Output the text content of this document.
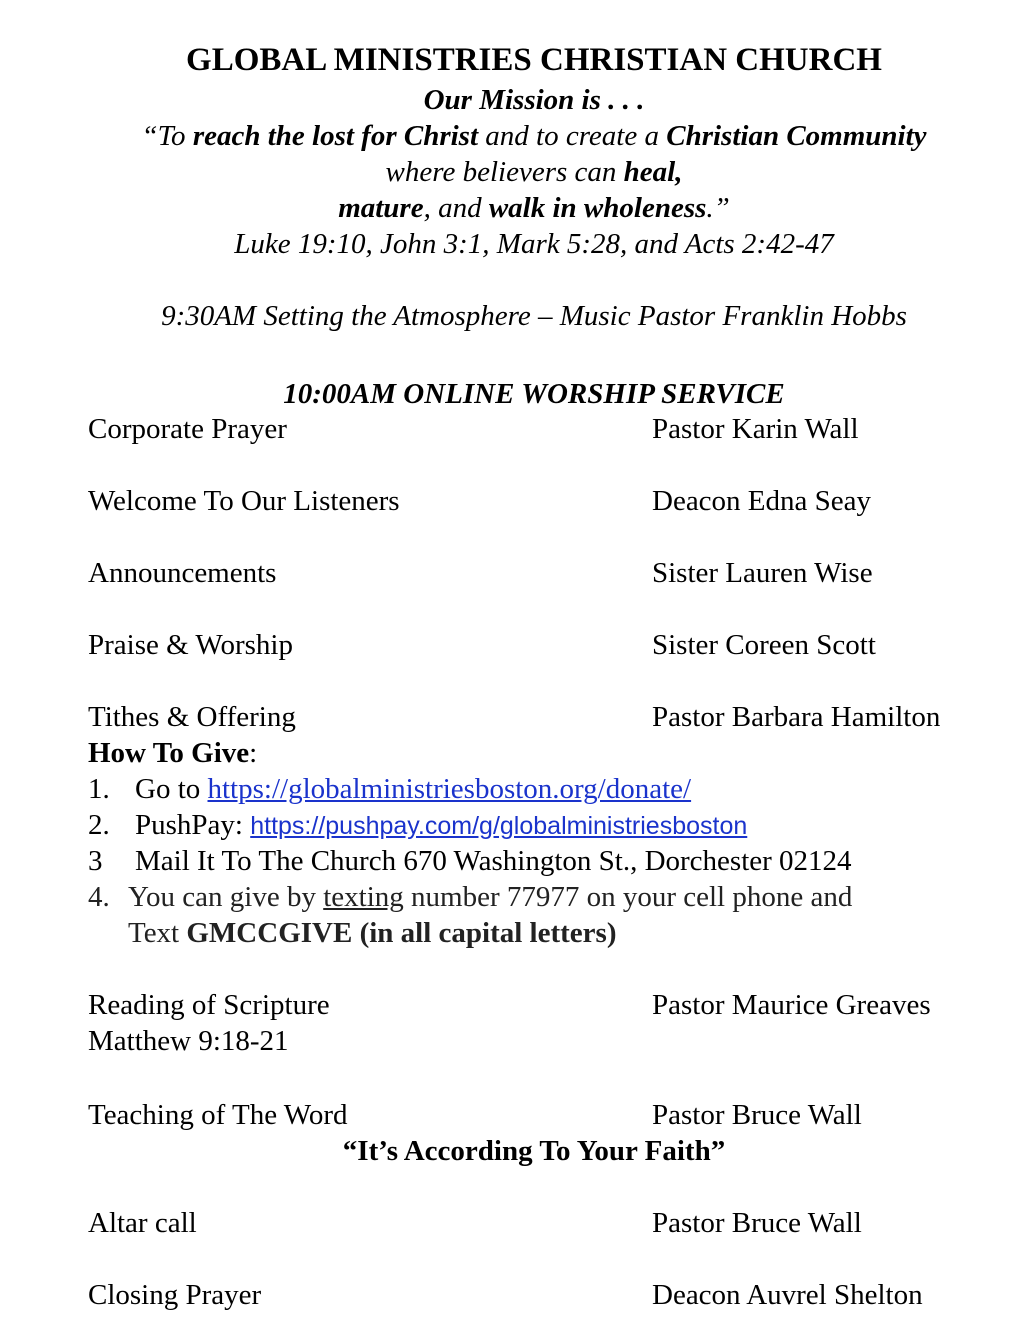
GLOBAL MINISTRIES CHRISTIAN CHURCH
Our Mission is . . .
“To reach the lost for Christ and to create a Christian Community
where believers can heal,
mature, and walk in wholeness.”
Luke 19:10, John 3:1, Mark 5:28, and Acts 2:42-47
9:30AM Setting the Atmosphere – Music Pastor Franklin Hobbs
10:00AM ONLINE WORSHIP SERVICE
Corporate Prayer	Pastor Karin Wall
Welcome To Our Listeners	Deacon Edna Seay
Announcements	Sister Lauren Wise
Praise & Worship	Sister Coreen Scott
Tithes & Offering	Pastor Barbara Hamilton
How To Give:
1. Go to https://globalministriesboston.org/donate/
2. PushPay: https://pushpay.com/g/globalministriesboston
3 Mail It To The Church 670 Washington St., Dorchester 02124
4. You can give by texting number 77977 on your cell phone and
Text GMCCGIVE (in all capital letters)
Reading of Scripture	Pastor Maurice Greaves
Matthew 9:18-21
Teaching of The Word	Pastor Bruce Wall
“It’s According To Your Faith”
Altar call	Pastor Bruce Wall
Closing Prayer	Deacon Auvrel Shelton
